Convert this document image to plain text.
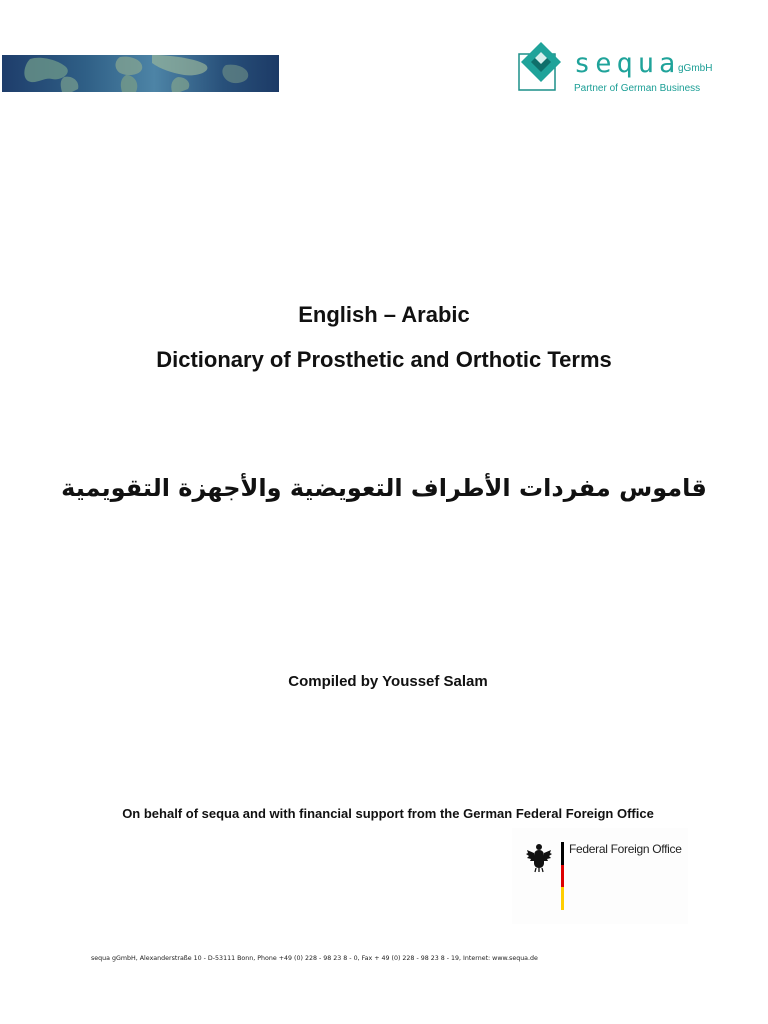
sequa
gGmbH
Partner of German Business
English – Arabic
Dictionary of Prosthetic and Orthotic Terms
قاموس مفردات الأطراف التعويضية والأجهزة التقويمية
Compiled by Youssef Salam
On behalf of sequa and with financial support from the German Federal Foreign Office
Federal Foreign Office
sequa gGmbH, Alexanderstraße 10 - D-53111 Bonn, Phone +49 (0) 228 - 98 23 8 - 0, Fax + 49 (0) 228 - 98 23 8 - 19, Internet: www.sequa.de
